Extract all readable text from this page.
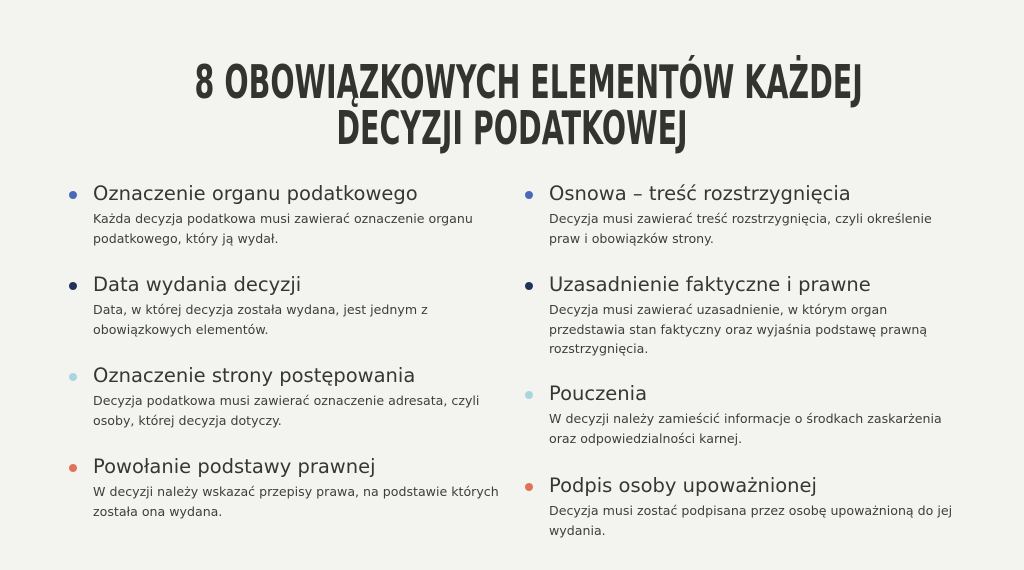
8 OBOWIĄZKOWYCH ELEMENTÓW KAŻDEJ
DECYZJI PODATKOWEJ
Oznaczenie organu podatkowego
Każda decyzja podatkowa musi zawierać oznaczenie organu podatkowego, który ją wydał.
Data wydania decyzji
Data, w której decyzja została wydana, jest jednym z obowiązkowych elementów.
Oznaczenie strony postępowania
Decyzja podatkowa musi zawierać oznaczenie adresata, czyli osoby, której decyzja dotyczy.
Powołanie podstawy prawnej
W decyzji należy wskazać przepisy prawa, na podstawie których została ona wydana.
Osnowa – treść rozstrzygnięcia
Decyzja musi zawierać treść rozstrzygnięcia, czyli określenie praw i obowiązków strony.
Uzasadnienie faktyczne i prawne
Decyzja musi zawierać uzasadnienie, w którym organ przedstawia stan faktyczny oraz wyjaśnia podstawę prawną rozstrzygnięcia.
Pouczenia
W decyzji należy zamieścić informacje o środkach zaskarżenia oraz odpowiedzialności karnej.
Podpis osoby upoważnionej
Decyzja musi zostać podpisana przez osobę upoważnioną do jej wydania.
